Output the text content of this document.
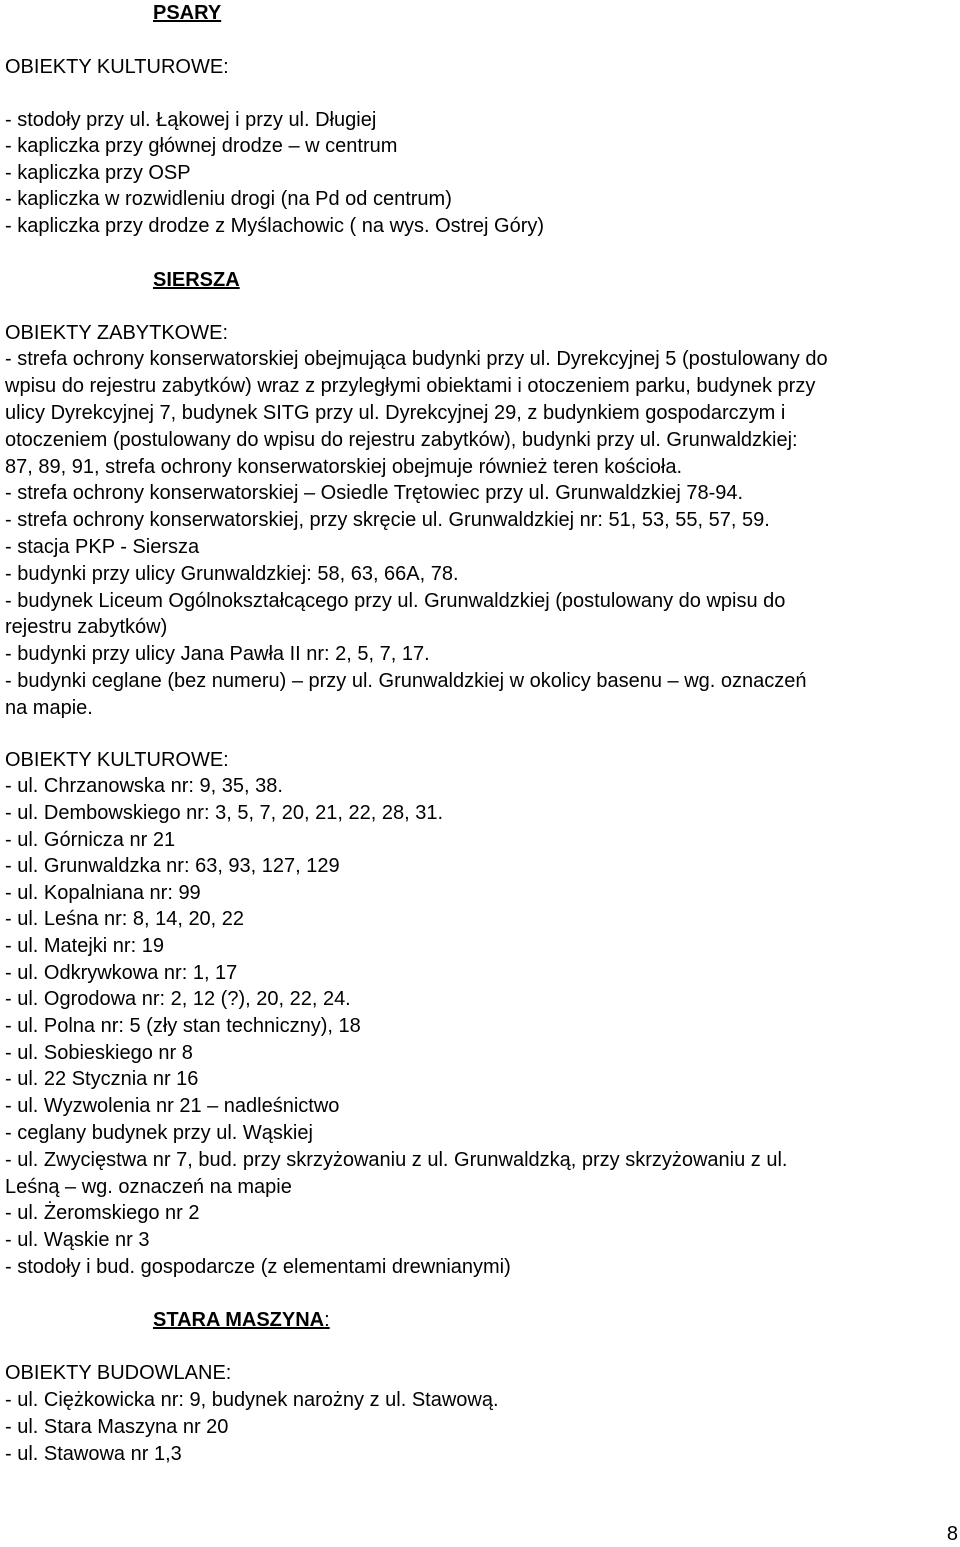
PSARY
OBIEKTY KULTUROWE:
- stodoły przy ul. Łąkowej i przy ul. Długiej
- kapliczka przy głównej drodze – w centrum
- kapliczka przy OSP
- kapliczka w rozwidleniu drogi (na Pd od centrum)
- kapliczka przy drodze z Myślachowic ( na wys. Ostrej Góry)
SIERSZA
OBIEKTY ZABYTKOWE:
- strefa ochrony konserwatorskiej obejmująca budynki przy ul. Dyrekcyjnej 5 (postulowany do
wpisu do rejestru zabytków) wraz z przyległymi obiektami i otoczeniem parku, budynek przy
ulicy Dyrekcyjnej 7, budynek SITG przy ul. Dyrekcyjnej 29, z budynkiem gospodarczym i
otoczeniem (postulowany do wpisu do rejestru zabytków), budynki przy ul. Grunwaldzkiej:
87, 89, 91, strefa ochrony konserwatorskiej obejmuje również teren kościoła.
- strefa ochrony konserwatorskiej – Osiedle Trętowiec przy ul. Grunwaldzkiej 78-94.
- strefa ochrony konserwatorskiej, przy skręcie ul. Grunwaldzkiej nr: 51, 53, 55, 57, 59.
- stacja PKP - Siersza
- budynki przy ulicy Grunwaldzkiej: 58, 63, 66A, 78.
- budynek Liceum Ogólnokształcącego przy ul. Grunwaldzkiej (postulowany do wpisu do
rejestru zabytków)
- budynki przy ulicy Jana Pawła II nr: 2, 5, 7, 17.
- budynki ceglane (bez numeru) – przy ul. Grunwaldzkiej w okolicy basenu – wg. oznaczeń
na mapie.
OBIEKTY KULTUROWE:
- ul. Chrzanowska nr: 9, 35, 38.
- ul. Dembowskiego nr: 3, 5, 7, 20, 21, 22, 28, 31.
- ul. Górnicza nr 21
- ul. Grunwaldzka nr: 63, 93, 127, 129
- ul. Kopalniana nr: 99
- ul. Leśna nr: 8, 14, 20, 22
- ul. Matejki nr: 19
- ul. Odkrywkowa nr: 1, 17
- ul. Ogrodowa nr: 2, 12 (?), 20, 22, 24.
- ul. Polna nr: 5 (zły stan techniczny), 18
- ul. Sobieskiego nr 8
- ul. 22 Stycznia nr 16
- ul. Wyzwolenia nr 21 – nadleśnictwo
- ceglany budynek przy ul. Wąskiej
- ul. Zwycięstwa nr 7, bud. przy skrzyżowaniu z ul. Grunwaldzką, przy skrzyżowaniu z ul.
Leśną – wg. oznaczeń na mapie
- ul. Żeromskiego nr 2
- ul. Wąskie nr 3
- stodoły i bud. gospodarcze (z elementami drewnianymi)
STARA MASZYNA:
OBIEKTY BUDOWLANE:
- ul. Ciężkowicka nr: 9, budynek narożny z ul. Stawową.
- ul. Stara Maszyna nr 20
- ul. Stawowa nr 1,3
8
